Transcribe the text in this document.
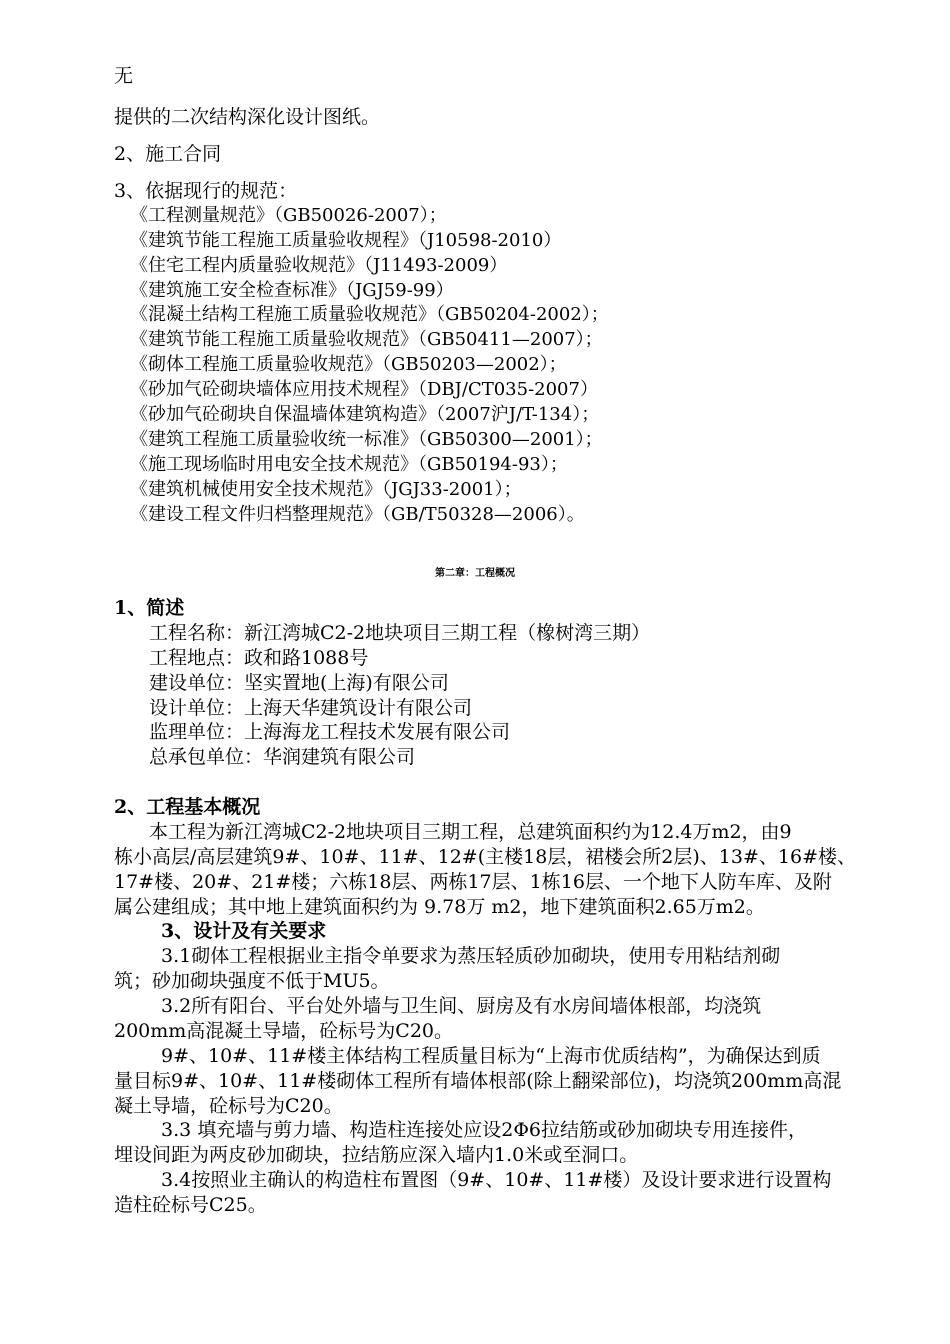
无
提供的二次结构深化设计图纸。
2、施工合同
3、依据现行的规范：
《工程测量规范》（GB50026-2007）；
《建筑节能工程施工质量验收规程》（J10598-2010）
《住宅工程内质量验收规范》（J11493-2009）
《建筑施工安全检查标准》（JGJ59-99）
《混凝土结构工程施工质量验收规范》（GB50204-2002）；
《建筑节能工程施工质量验收规范》（GB50411—2007）；
《砌体工程施工质量验收规范》（GB50203—2002）；
《砂加气砼砌块墙体应用技术规程》（DBJ/CT035-2007）
《砂加气砼砌块自保温墙体建筑构造》（2007沪J/T-134）；
《建筑工程施工质量验收统一标准》（GB50300—2001）；
《施工现场临时用电安全技术规范》（GB50194-93）；
《建筑机械使用安全技术规范》（JGJ33-2001）；
《建设工程文件归档整理规范》（GB/T50328—2006）。
第二章：工程概况
1、简述
工程名称：新江湾城C2-2地块项目三期工程（橡树湾三期）
工程地点：政和路1088号
建设单位：坚实置地(上海)有限公司
设计单位：上海天华建筑设计有限公司
监理单位：上海海龙工程技术发展有限公司
总承包单位：华润建筑有限公司
2、工程基本概况
本工程为新江湾城C2-2地块项目三期工程，总建筑面积约为12.4万m2，由9
栋小高层/高层建筑9#、10#、11#、12#(主楼18层，裙楼会所2层)、13#、16#楼、
17#楼、20#、21#楼；六栋18层、两栋17层、1栋16层、一个地下人防车库、及附
属公建组成；其中地上建筑面积约为 9.78万 m2，地下建筑面积2.65万m2。
3、设计及有关要求
3.1砌体工程根据业主指令单要求为蒸压轻质砂加砌块，使用专用粘结剂砌
筑；砂加砌块强度不低于MU5。
3.2所有阳台、平台处外墙与卫生间、厨房及有水房间墙体根部，均浇筑
200mm高混凝土导墙，砼标号为C20。
9#、10#、11#楼主体结构工程质量目标为“上海市优质结构”，为确保达到质
量目标9#、10#、11#楼砌体工程所有墙体根部(除上翻梁部位)，均浇筑200mm高混
凝土导墙，砼标号为C20。
3.3 填充墙与剪力墙、构造柱连接处应设2Φ6拉结筋或砂加砌块专用连接件，
埋设间距为两皮砂加砌块，拉结筋应深入墙内1.0米或至洞口。
3.4按照业主确认的构造柱布置图（9#、10#、11#楼）及设计要求进行设置构
造柱砼标号C25。
